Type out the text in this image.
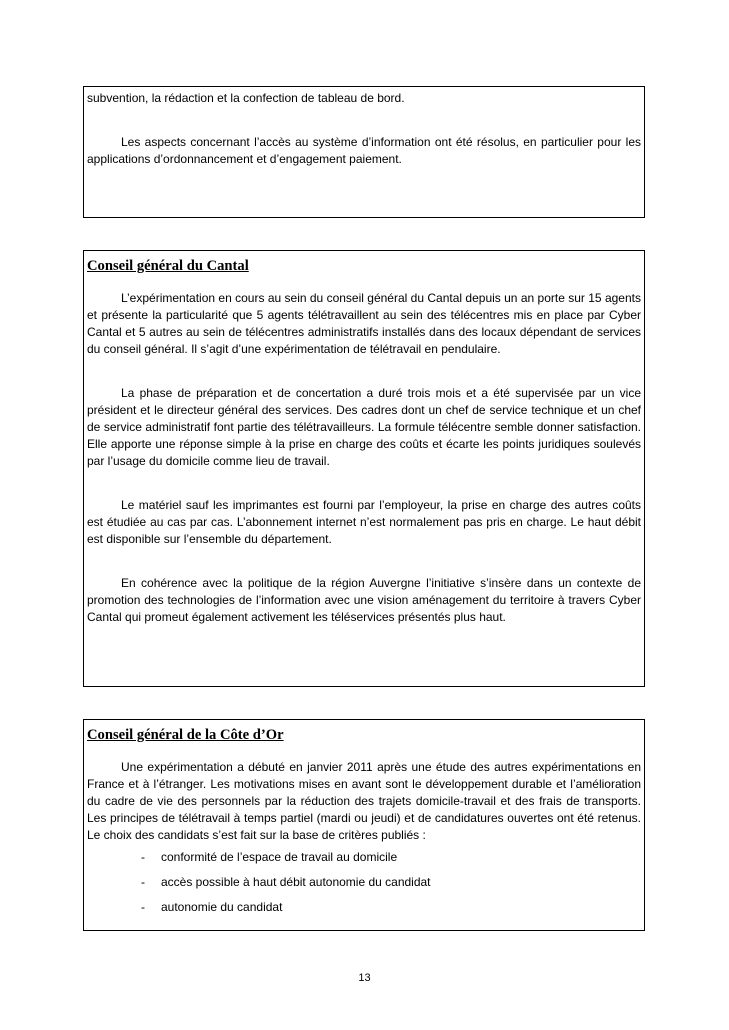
subvention, la rédaction et la confection de tableau de bord.

Les aspects concernant l’accès au système d’information ont été résolus, en particulier pour les applications d’ordonnancement et d’engagement paiement.

Conseil général du Cantal

L’expérimentation en cours au sein du conseil général du Cantal depuis un an porte sur 15 agents et présente la particularité que 5 agents télétravaillent au sein des télécentres mis en place par Cyber Cantal et 5 autres au sein de télécentres administratifs installés dans des locaux dépendant de services du conseil général. Il s’agit d’une expérimentation de télétravail en pendulaire.

La phase de préparation et de concertation a duré trois mois et a été supervisée par un vice président et le directeur général des services. Des cadres dont un chef de service technique et un chef de service administratif font partie des télétravailleurs. La formule télécentre semble donner satisfaction. Elle apporte une réponse simple à la prise en charge des coûts et écarte les points juridiques soulevés par l’usage du domicile comme lieu de travail.

Le matériel sauf les imprimantes est fourni par l’employeur, la prise en charge des autres coûts est étudiée au cas par cas. L’abonnement internet n’est normalement pas pris en charge. Le haut débit est disponible sur l’ensemble du département.

En cohérence avec la politique de la région Auvergne l’initiative s’insère dans un contexte de promotion des technologies de l’information avec une vision aménagement du territoire à travers Cyber Cantal qui promeut également activement les téléservices présentés plus haut.

Conseil général de la Côte d’Or

Une expérimentation a débuté en janvier 2011 après une étude des autres expérimentations en France et à l’étranger. Les motivations mises en avant sont le développement durable et l’amélioration du cadre de vie des personnels par la réduction des trajets domicile-travail et des frais de transports. Les principes de télétravail à temps partiel (mardi ou jeudi) et de candidatures ouvertes ont été retenus. Le choix des candidats s’est fait sur la base de critères publiés :

- conformité de l’espace de travail au domicile
- accès possible à haut débit autonomie du candidat
- autonomie du candidat
13
